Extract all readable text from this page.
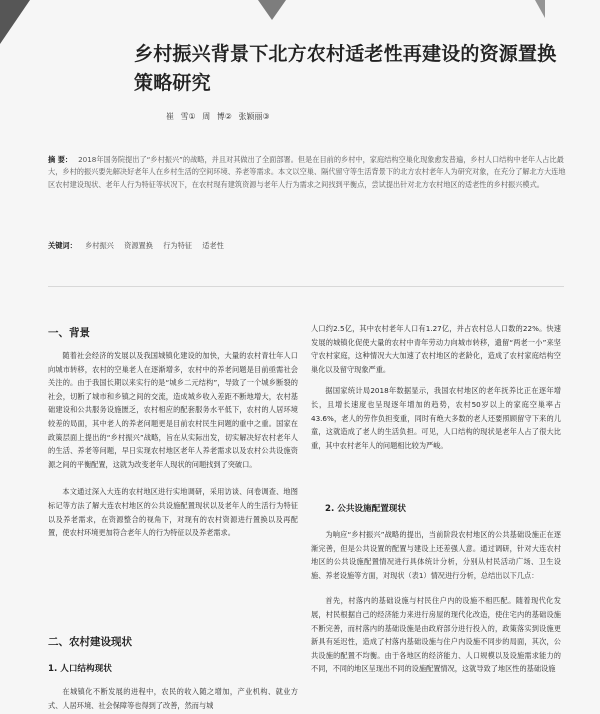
乡村振兴背景下北方农村适老性再建设的资源置换策略研究
崔 雪① 周 博② 张颖丽③
摘 要： 2018年国务院提出了“乡村振兴”的战略，并且对其做出了全面部署。但是在目前的乡村中，家庭结构空巢化现象愈发普遍，乡村人口结构中老年人占比最大，乡村的振兴要先解决好老年人在乡村生活的空间环境、养老等需求。本文以空巢、隔代留守等生活背景下的北方农村老年人为研究对象，在充分了解北方大连地区农村建设现状、老年人行为特征等状况下，在农村现有建筑资源与老年人行为需求之间找到平衡点，尝试提出针对北方农村地区的适老性的乡村振兴模式。
关键词： 乡村振兴 资源置换 行为特征 适老性
一、背景

随着社会经济的发展以及我国城镇化建设的加快，大量的农村青壮年人口向城市转移，农村的空巢老人在逐渐增多，农村中的养老问题是目前亟需社会关注的。由于我国长期以来实行的是“城乡二元结构”，导致了一个城乡断裂的社会，切断了城市和乡镇之间的交流，造成城乡收入差距不断地增大，农村基础建设和公共服务设施匮乏，农村相应的配套服务水平低下，农村的人居环境较差的局面，其中老人的养老问题更是目前农村民生问题的重中之重。国家在政策层面上提出的“乡村振兴”战略，旨在从实际出发，切实解决好农村老年人的生活、养老等问题，早日实现农村地区老年人养老需求以及农村公共设施资源之间的平衡配置，这就为改变老年人现状的问题找到了突破口。

本文通过深入大连的农村地区进行实地调研，采用访谈、问卷调查、地图标记等方法了解大连农村地区的公共设施配置现状以及老年人的生活行为特征以及养老需求，在资源整合的视角下，对现有的农村资源进行置换以及再配置，使农村环境更加符合老年人的行为特征以及养老需求。

二、农村建设现状
1. 人口结构现状

在城镇化不断发展的进程中，农民的收入随之增加，产业机构、就业方式、人居环境、社会保障等也得到了改善，然而与城

人口约2.5亿，其中农村老年人口有1.27亿，并占农村总人口数的22%。快速发展的城镇化促使大量的农村中青年劳动力向城市转移，遗留“两老一小”来坚守农村家庭，这种情况大大加速了农村地区的老龄化，造成了农村家庭结构空巢化以及留守现象严重。

据国家统计局2018年数据显示，我国农村地区的老年抚养比正在逐年增长，且增长速度也呈现逐年增加的趋势，农村50岁以上的家庭空巢率占43.6%，老人的劳作负担变重，同时有绝大多数的老人还要照顾留守下来的儿童，这就造成了老人的生活负担。可见，人口结构的现状是老年人占了很大比重，其中农村老年人的问题相比较为严峻。

2. 公共设施配置现状

为响应“乡村振兴”战略的提出，当前阶段农村地区的公共基础设施正在逐渐完善，但是公共设置的配置与建设上还差强人意。通过调研，针对大连农村地区的公共设施配置情况进行具体统计分析，分别从村民活动广场、卫生设施、养老设施等方面，对现状（表1）情况进行分析，总结出以下几点：

首先，村落内的基础设施与村民住户内的设施不相匹配。随着现代化发展，村民根据自己的经济能力来进行房屋的现代化改造，使住宅内的基础设施不断完善，而村落内的基础设施是由政府部分进行投入的，政策落实到设施更新具有延迟性，造成了村落内基础设施与住户内设施不同步的局面，其次，公共设施的配置不均衡。由于各地区的经济能力、人口规模以及设施需求能力的不同，不同的地区呈现出不同的设施配置情况，这就导致了地区性的基础设施
